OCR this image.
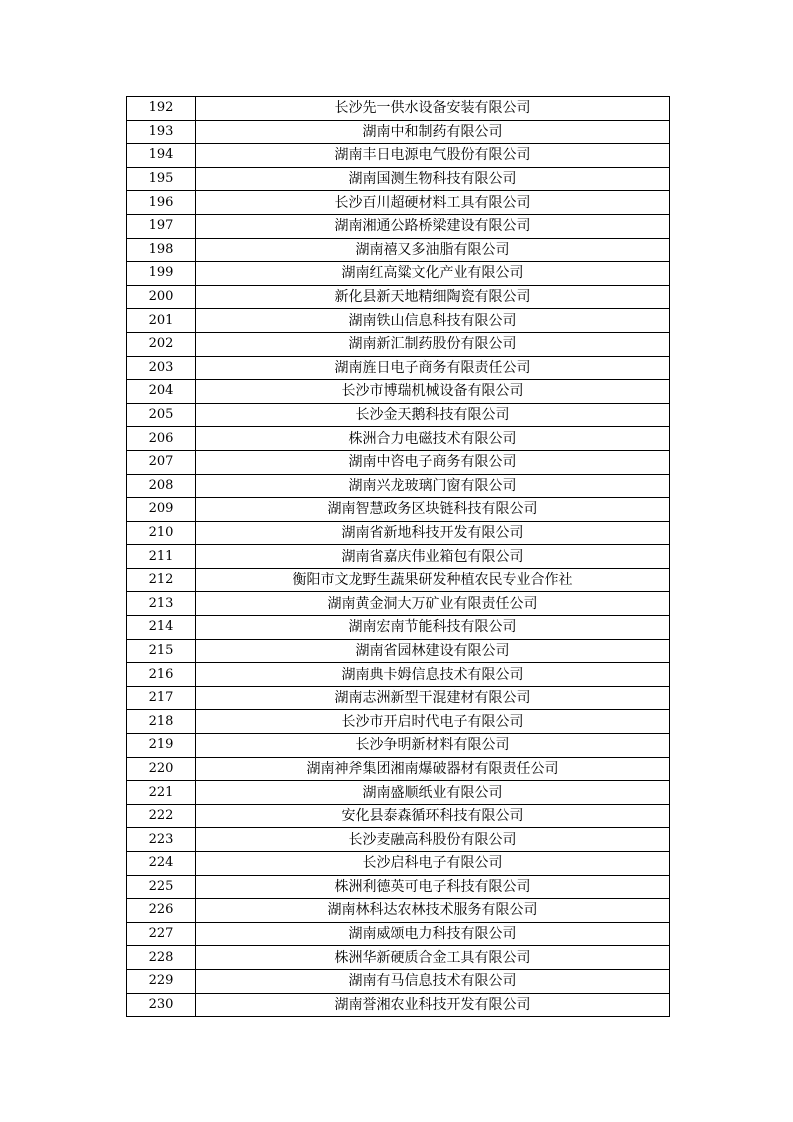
192	长沙先一供水设备安装有限公司
193	湖南中和制药有限公司
194	湖南丰日电源电气股份有限公司
195	湖南国测生物科技有限公司
196	长沙百川超硬材料工具有限公司
197	湖南湘通公路桥梁建设有限公司
198	湖南禧又多油脂有限公司
199	湖南红高粱文化产业有限公司
200	新化县新天地精细陶瓷有限公司
201	湖南铁山信息科技有限公司
202	湖南新汇制药股份有限公司
203	湖南旌日电子商务有限责任公司
204	长沙市博瑞机械设备有限公司
205	长沙金天鹅科技有限公司
206	株洲合力电磁技术有限公司
207	湖南中咨电子商务有限公司
208	湖南兴龙玻璃门窗有限公司
209	湖南智慧政务区块链科技有限公司
210	湖南省新地科技开发有限公司
211	湖南省嘉庆伟业箱包有限公司
212	衡阳市文龙野生蔬果研发种植农民专业合作社
213	湖南黄金洞大万矿业有限责任公司
214	湖南宏南节能科技有限公司
215	湖南省园林建设有限公司
216	湖南典卡姆信息技术有限公司
217	湖南志洲新型干混建材有限公司
218	长沙市开启时代电子有限公司
219	长沙争明新材料有限公司
220	湖南神斧集团湘南爆破器材有限责任公司
221	湖南盛顺纸业有限公司
222	安化县泰森循环科技有限公司
223	长沙麦融高科股份有限公司
224	长沙启科电子有限公司
225	株洲利德英可电子科技有限公司
226	湖南林科达农林技术服务有限公司
227	湖南威颂电力科技有限公司
228	株洲华新硬质合金工具有限公司
229	湖南有马信息技术有限公司
230	湖南誉湘农业科技开发有限公司
